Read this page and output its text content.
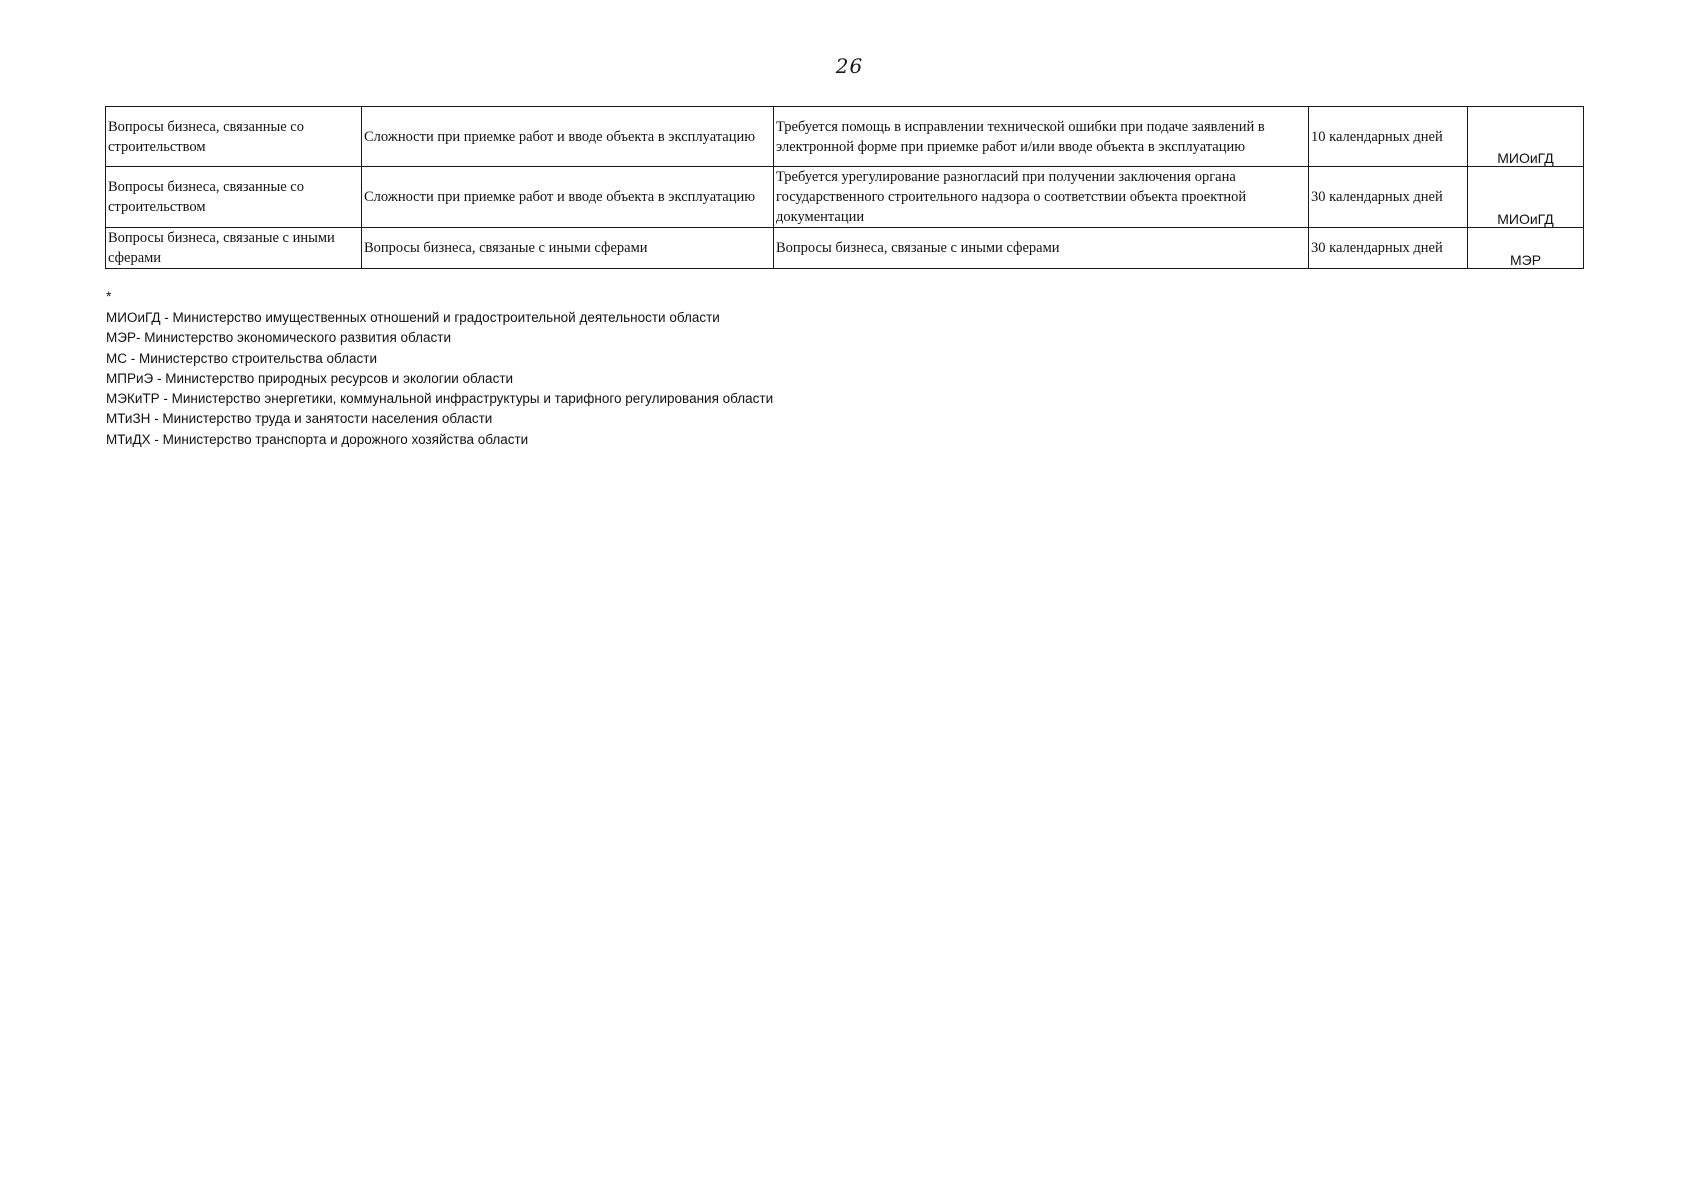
26
Вопросы бизнеса, связанные со строительством	Сложности при приемке работ и вводе объекта в эксплуатацию	Требуется помощь в исправлении технической ошибки при подаче заявлений в электронной форме при приемке работ и/или вводе объекта в эксплуатацию	10 календарных дней	МИОиГД
Вопросы бизнеса, связанные со строительством	Сложности при приемке работ и вводе объекта в эксплуатацию	Требуется урегулирование разногласий при получении заключения органа государственного строительного надзора о соответствии объекта проектной документации	30 календарных дней	МИОиГД
Вопросы бизнеса, связаные с иными сферами	Вопросы бизнеса, связаные с иными сферами	Вопросы бизнеса, связаные с иными сферами	30 календарных дней	МЭР
*
МИОиГД - Министерство имущественных отношений и градостроительной деятельности области
МЭР- Министерство экономического развития области
МС - Министерство строительства области
МПРиЭ - Министерство природных ресурсов и экологии области
МЭКиТР - Министерство энергетики, коммунальной инфраструктуры и тарифного регулирования области
МТиЗН - Министерство труда и занятости населения области
МТиДХ - Министерство транспорта и дорожного хозяйства области
